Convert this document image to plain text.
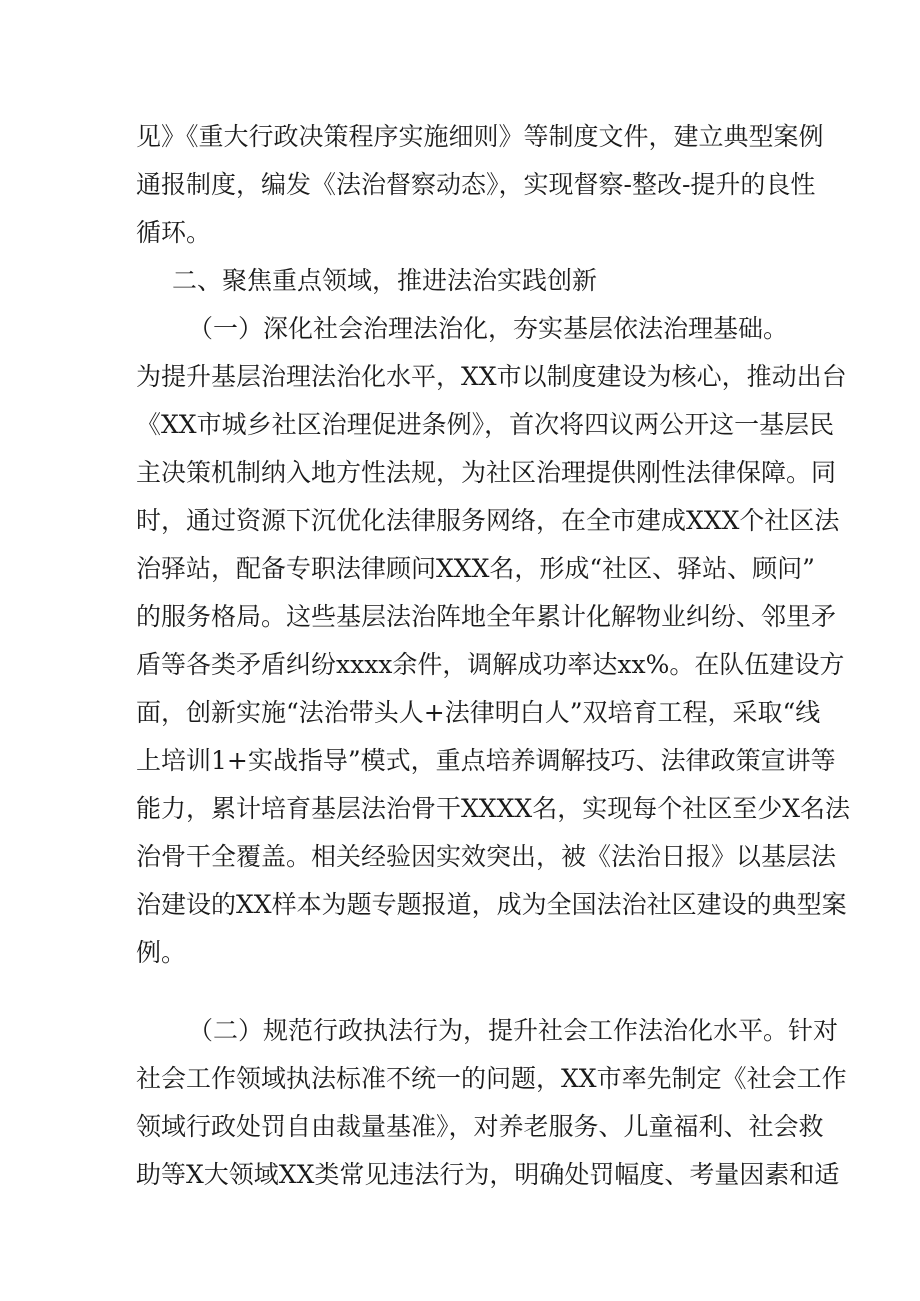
见》《重大行政决策程序实施细则》等制度文件，建立典型案例
通报制度，编发《法治督察动态》，实现督察-整改-提升的良性
循环。
二、聚焦重点领域，推进法治实践创新
（一）深化社会治理法治化，夯实基层依法治理基础。
为提升基层治理法治化水平，XX市以制度建设为核心，推动出台
《XX市城乡社区治理促进条例》，首次将四议两公开这一基层民
主决策机制纳入地方性法规，为社区治理提供刚性法律保障。同
时，通过资源下沉优化法律服务网络，在全市建成XXX个社区法
治驿站，配备专职法律顾问XXX名，形成“社区、驿站、顾问”
的服务格局。这些基层法治阵地全年累计化解物业纠纷、邻里矛
盾等各类矛盾纠纷xxxx余件，调解成功率达xx%。在队伍建设方
面，创新实施“法治带头人+法律明白人”双培育工程，采取“线
上培训1+实战指导”模式，重点培养调解技巧、法律政策宣讲等
能力，累计培育基层法治骨干XXXX名，实现每个社区至少X名法
治骨干全覆盖。相关经验因实效突出，被《法治日报》以基层法
治建设的XX样本为题专题报道，成为全国法治社区建设的典型案
例。
（二）规范行政执法行为，提升社会工作法治化水平。针对
社会工作领域执法标准不统一的问题，XX市率先制定《社会工作
领域行政处罚自由裁量基准》，对养老服务、儿童福利、社会救
助等X大领域XX类常见违法行为，明确处罚幅度、考量因素和适
